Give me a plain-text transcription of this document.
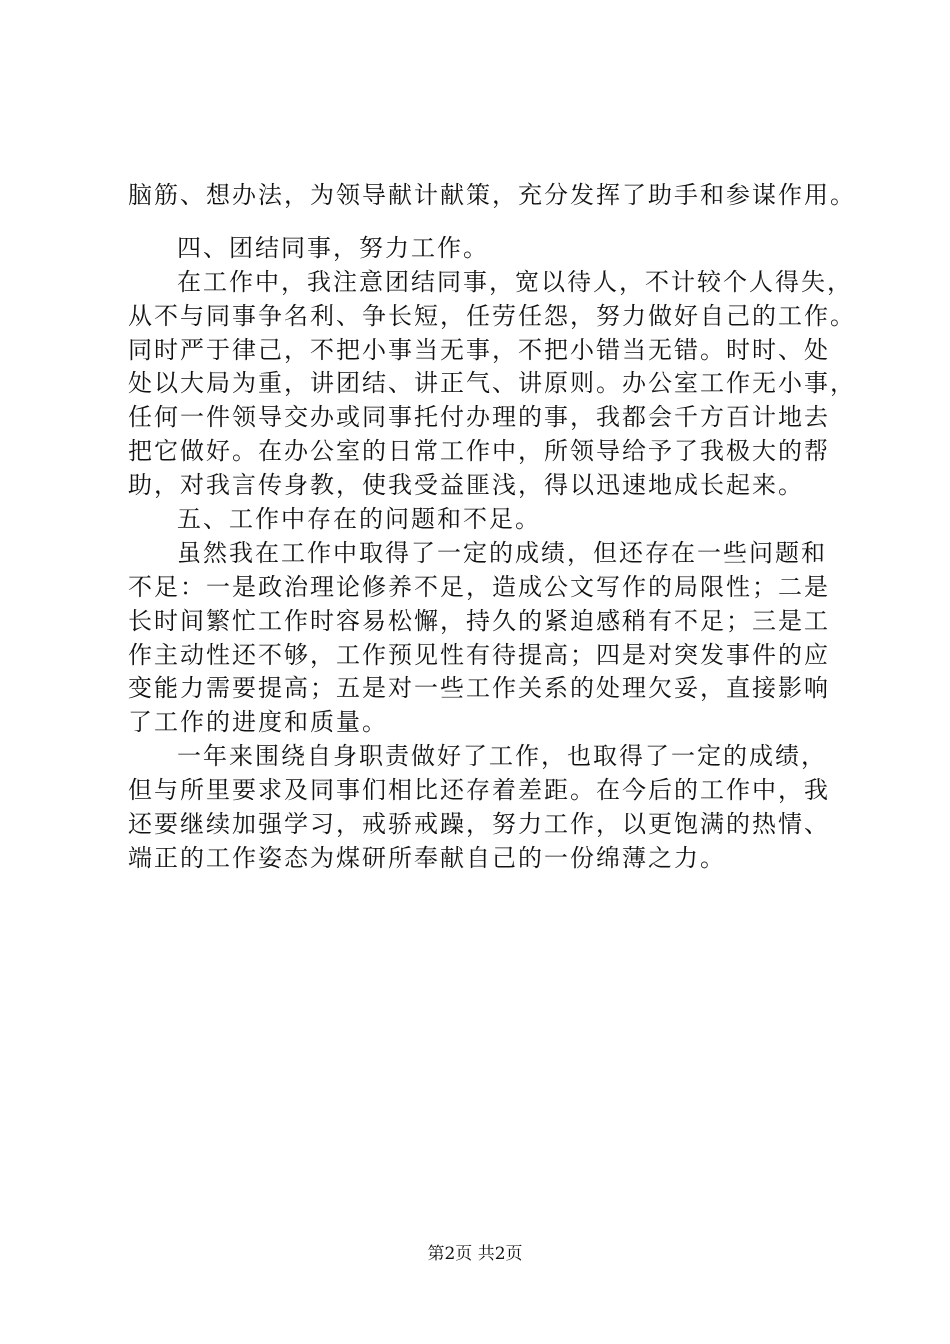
脑筋、想办法，为领导献计献策，充分发挥了助手和参谋作用。
四、团结同事，努力工作。
在工作中，我注意团结同事，宽以待人，不计较个人得失，
从不与同事争名利、争长短，任劳任怨，努力做好自己的工作。
同时严于律己，不把小事当无事，不把小错当无错。时时、处
处以大局为重，讲团结、讲正气、讲原则。办公室工作无小事，
任何一件领导交办或同事托付办理的事，我都会千方百计地去
把它做好。在办公室的日常工作中，所领导给予了我极大的帮
助，对我言传身教，使我受益匪浅，得以迅速地成长起来。
五、工作中存在的问题和不足。
虽然我在工作中取得了一定的成绩，但还存在一些问题和
不足：一是政治理论修养不足，造成公文写作的局限性；二是
长时间繁忙工作时容易松懈，持久的紧迫感稍有不足；三是工
作主动性还不够，工作预见性有待提高；四是对突发事件的应
变能力需要提高；五是对一些工作关系的处理欠妥，直接影响
了工作的进度和质量。
一年来围绕自身职责做好了工作，也取得了一定的成绩，
但与所里要求及同事们相比还存着差距。在今后的工作中，我
还要继续加强学习，戒骄戒躁，努力工作，以更饱满的热情、
端正的工作姿态为煤研所奉献自己的一份绵薄之力。
第2页 共2页
